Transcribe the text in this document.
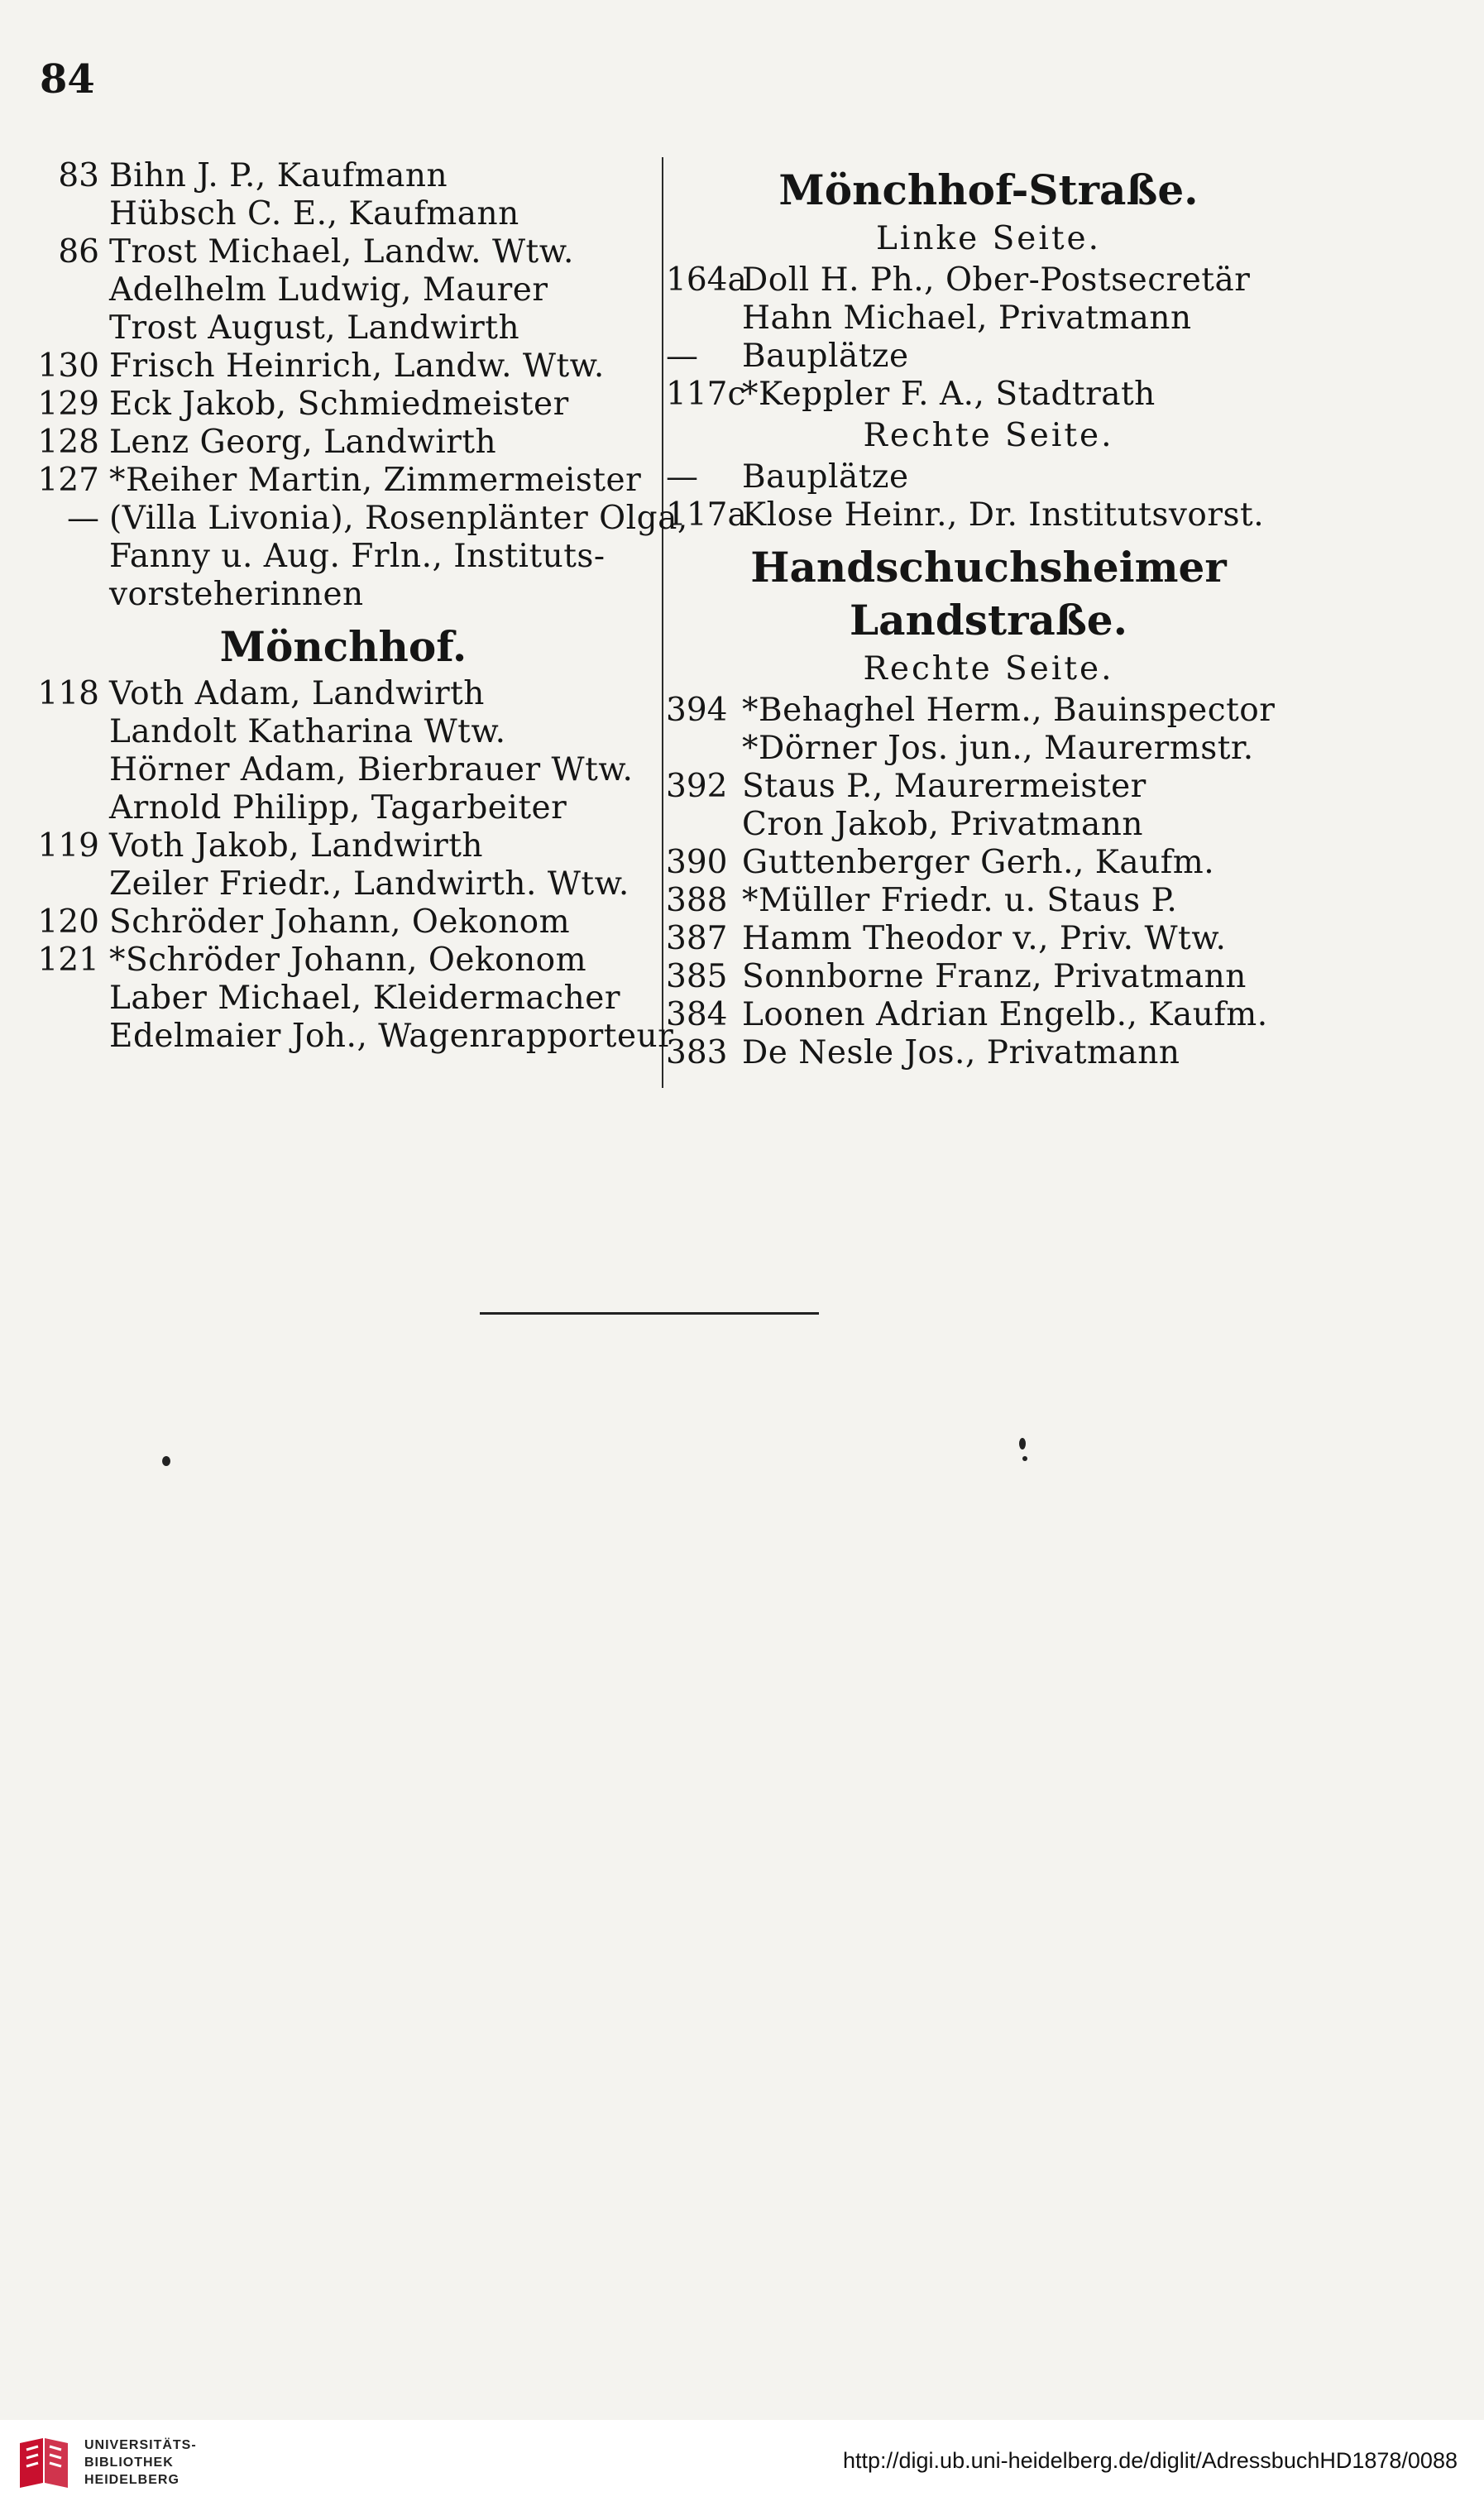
84
83 Bihn J. P., Kaufmann
Hübsch C. E., Kaufmann
86 Trost Michael, Landw. Wtw.
Adelhelm Ludwig, Maurer
Trost August, Landwirth
130 Frisch Heinrich, Landw. Wtw.
129 Eck Jakob, Schmiedmeister
128 Lenz Georg, Landwirth
127 *Reiher Martin, Zimmermeister
— (Villa Livonia), Rosenplänter Olga,
Fanny u. Aug. Frln., Instituts-
vorsteherinnen
Mönchhof.
118 Voth Adam, Landwirth
Landolt Katharina Wtw.
Hörner Adam, Bierbrauer Wtw.
Arnold Philipp, Tagarbeiter
119 Voth Jakob, Landwirth
Zeiler Friedr., Landwirth. Wtw.
120 Schröder Johann, Oekonom
121 *Schröder Johann, Oekonom
Laber Michael, Kleidermacher
Edelmaier Joh., Wagenrapporteur
Mönchhof-Straße.
Linke Seite.
164a
Doll H. Ph., Ober-Postsecretär
Hahn Michael, Privatmann
—	Bauplätze
117c
*Keppler F. A., Stadtrath
Rechte Seite.
—	Bauplätze
117a
Klose Heinr., Dr. Institutsvorst.
Handschuchsheimer Landstraße.
Rechte Seite.
394 *Behaghel Herm., Bauinspector
*Dörner Jos. jun., Maurermstr.
392 Staus P., Maurermeister
Cron Jakob, Privatmann
390 Guttenberger Gerh., Kaufm.
388 *Müller Friedr. u. Staus P.
387 Hamm Theodor v., Priv. Wtw.
385 Sonnborne Franz, Privatmann
384 Loonen Adrian Engelb., Kaufm.
383 De Nesle Jos., Privatmann
UNIVERSITÄTS-
BIBLIOTHEK
HEIDELBERG
http://digi.ub.uni-heidelberg.de/diglit/AdressbuchHD1878/0088
